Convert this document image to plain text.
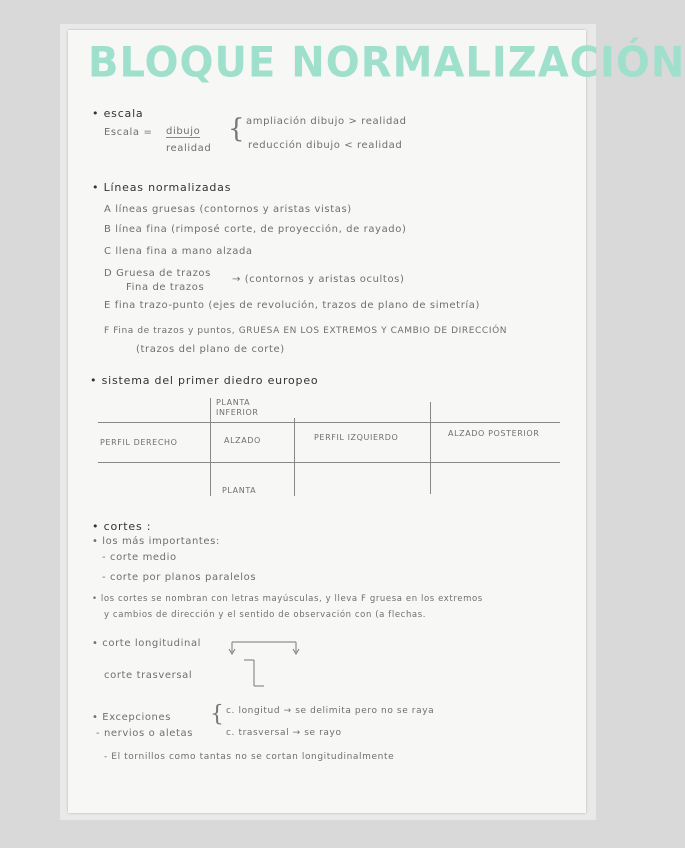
BLOQUE NORMALIZACIÓN
• escala
Escala = dibujo
realidad
{ ampliación dibujo > realidad
reducción dibujo < realidad
• Líneas normalizadas
A líneas gruesas (contornos y aristas vistas)
B línea fina (rimposé corte, de proyección, de rayado)
C llena fina a mano alzada
D Gruesa de trazos
Fina de trazos
→ (contornos y aristas ocultos)
E fina trazo-punto (ejes de revolución, trazos de plano de simetría)
F Fina de trazos y puntos, GRUESA EN LOS EXTREMOS Y CAMBIO DE DIRECCIÓN
(trazos del plano de corte)
• sistema del primer diedro europeo
PLANTA INFERIOR
PERFIL DERECHO	ALZADO	PERFIL IZQUIERDO	ALZADO POSTERIOR
PLANTA
• cortes :
• los más importantes:
- corte medio
- corte por planos paralelos
• los cortes se nombran con letras mayúsculas, y lleva F gruesa en los extremos
y cambios de dirección y el sentido de observación con (a flechas.
• corte longitudinal
corte trasversal
• Excepciones
- nervios o aletas
{ c. longitud → se delimita pero no se raya
c. trasversal → se rayo
- El tornillos como tantas no se cortan longitudinalmente
